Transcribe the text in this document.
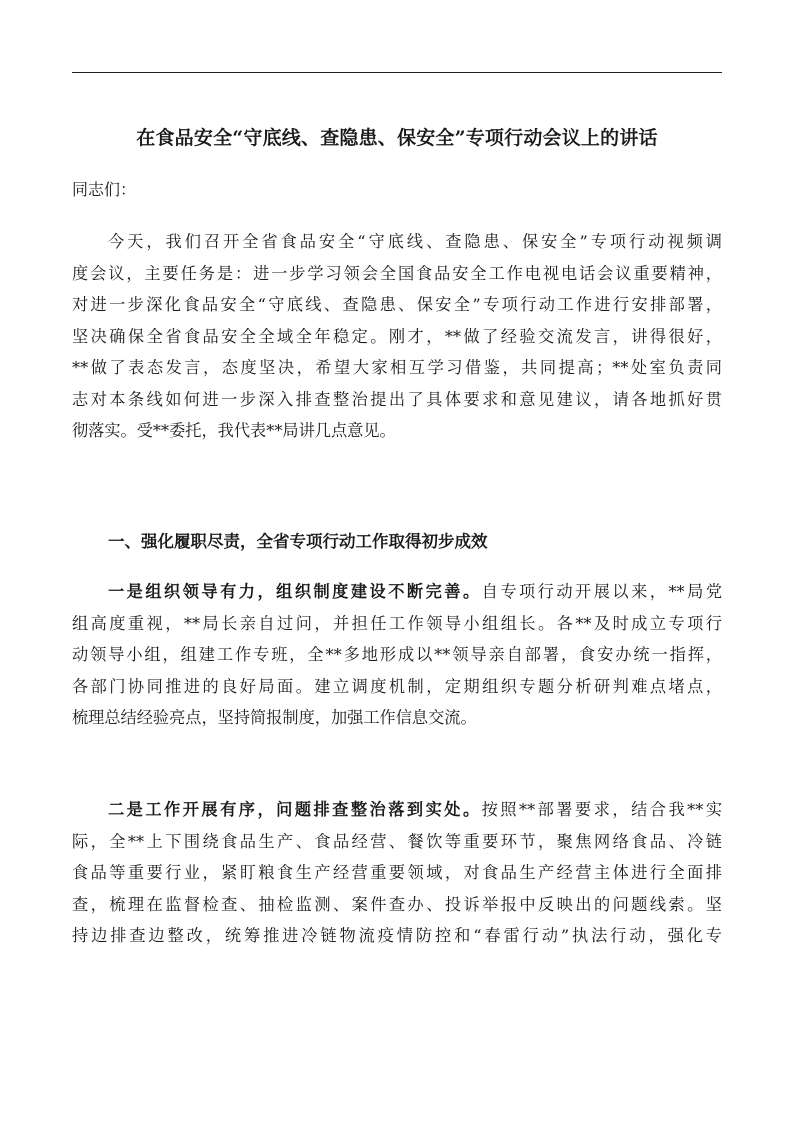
在食品安全“守底线、查隐患、保安全”专项行动会议上的讲话
同志们：
今天，我们召开全省食品安全“守底线、查隐患、保安全”专项行动视频调
度会议，主要任务是：进一步学习领会全国食品安全工作电视电话会议重要精神，
对进一步深化食品安全“守底线、查隐患、保安全”专项行动工作进行安排部署，
坚决确保全省食品安全全域全年稳定。刚才，**做了经验交流发言，讲得很好，
**做了表态发言，态度坚决，希望大家相互学习借鉴，共同提高；**处室负责同
志对本条线如何进一步深入排查整治提出了具体要求和意见建议，请各地抓好贯
彻落实。受**委托，我代表**局讲几点意见。
一、强化履职尽责，全省专项行动工作取得初步成效
一是组织领导有力，组织制度建设不断完善。自专项行动开展以来，**局党
组高度重视，**局长亲自过问，并担任工作领导小组组长。各**及时成立专项行
动领导小组，组建工作专班，全**多地形成以**领导亲自部署，食安办统一指挥，
各部门协同推进的良好局面。建立调度机制，定期组织专题分析研判难点堵点，
梳理总结经验亮点，坚持简报制度，加强工作信息交流。
二是工作开展有序，问题排查整治落到实处。按照**部署要求，结合我**实
际，全**上下围绕食品生产、食品经营、餐饮等重要环节，聚焦网络食品、冷链
食品等重要行业，紧盯粮食生产经营重要领域，对食品生产经营主体进行全面排
查，梳理在监督检查、抽检监测、案件查办、投诉举报中反映出的问题线索。坚
持边排查边整改，统筹推进冷链物流疫情防控和“春雷行动”执法行动，强化专
